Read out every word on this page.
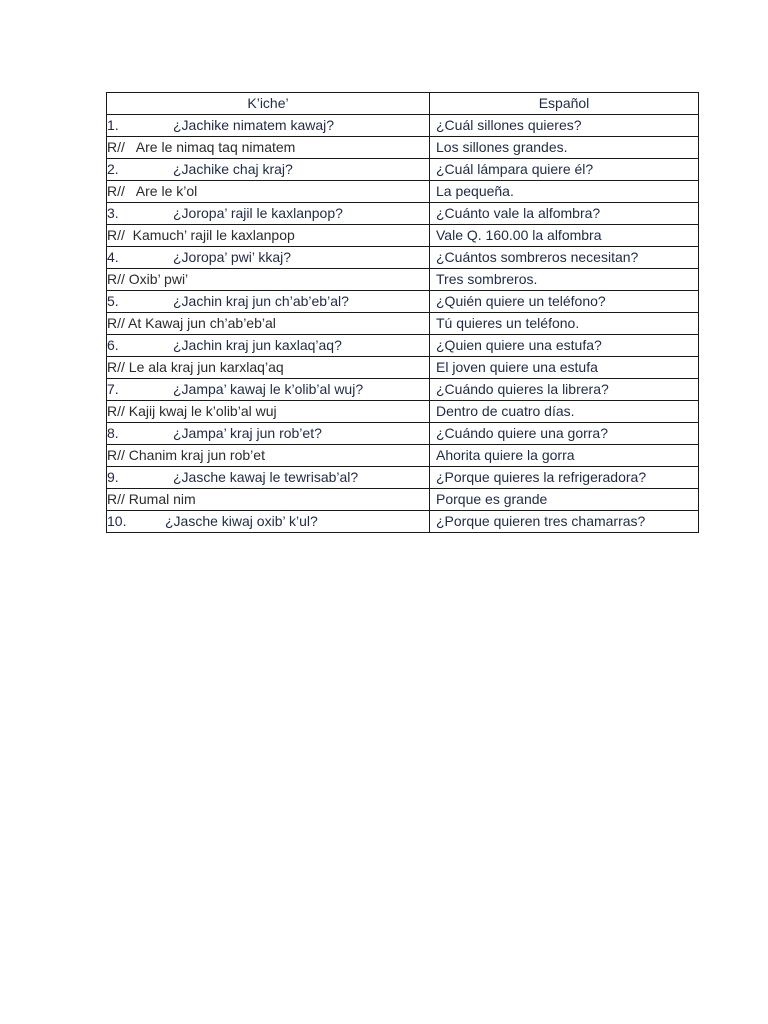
K’iche’	Español
1. ¿Jachike nimatem kawaj?	¿Cuál sillones quieres?
R// Are le nimaq taq nimatem	Los sillones grandes.
2. ¿Jachike chaj kraj?	¿Cuál lámpara quiere él?
R// Are le k’ol	La pequeña.
3. ¿Joropa’ rajil le kaxlanpop?	¿Cuánto vale la alfombra?
R// Kamuch’ rajil le kaxlanpop	Vale Q. 160.00 la alfombra
4. ¿Joropa’ pwi’ kkaj?	¿Cuántos sombreros necesitan?
R// Oxib’ pwi’	Tres sombreros.
5. ¿Jachin kraj jun ch’ab’eb’al?	¿Quién quiere un teléfono?
R// At Kawaj jun ch’ab’eb’al	Tú quieres un teléfono.
6. ¿Jachin kraj jun kaxlaq’aq?	¿Quien quiere una estufa?
R// Le ala kraj jun karxlaq’aq	El joven quiere una estufa
7. ¿Jampa’ kawaj le k’olib’al wuj?	¿Cuándo quieres la librera?
R// Kajij kwaj le k’olib’al wuj	Dentro de cuatro días.
8. ¿Jampa’ kraj jun rob’et?	¿Cuándo quiere una gorra?
R// Chanim kraj jun rob’et	Ahorita quiere la gorra
9. ¿Jasche kawaj le tewrisab’al?	¿Porque quieres la refrigeradora?
R// Rumal nim	Porque es grande
10. ¿Jasche kiwaj oxib’ k’ul?	¿Porque quieren tres chamarras?
